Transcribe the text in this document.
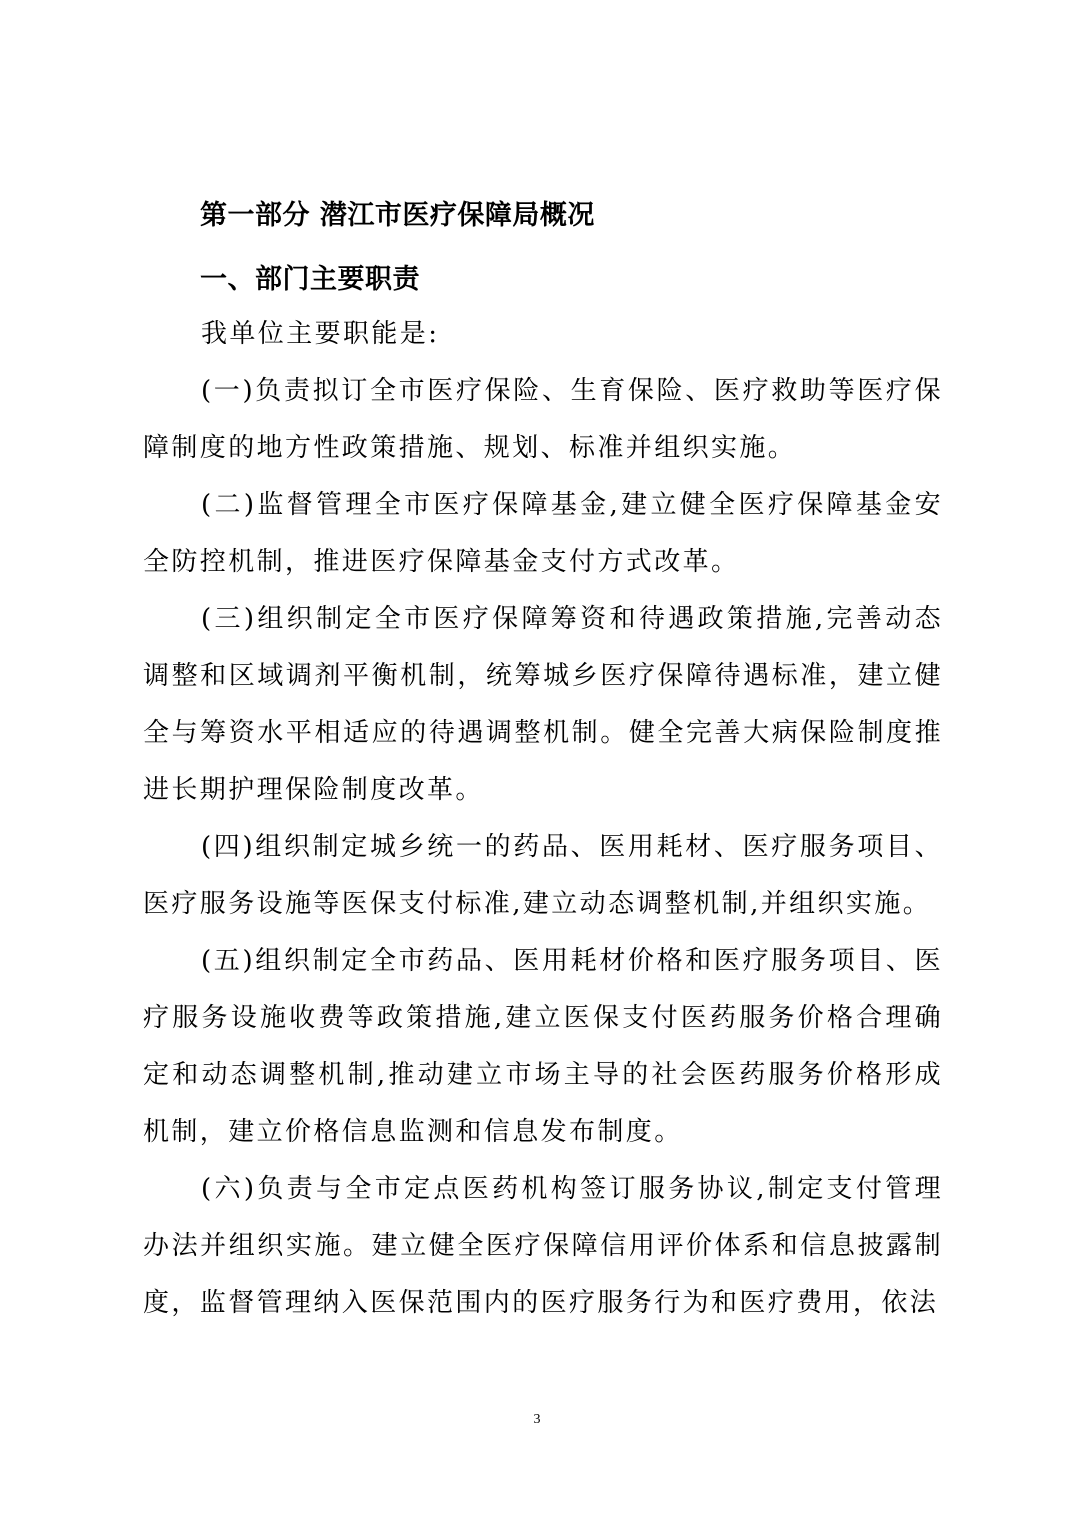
第一部分 潜江市医疗保障局概况
一、部门主要职责

我单位主要职能是:

(一)负责拟订全市医疗保险、生育保险、医疗救助等医疗保障制度的地方性政策措施、规划、标准并组织实施。

(二)监督管理全市医疗保障基金,建立健全医疗保障基金安全防控机制，推进医疗保障基金支付方式改革。

(三)组织制定全市医疗保障筹资和待遇政策措施,完善动态调整和区域调剂平衡机制，统筹城乡医疗保障待遇标准，建立健全与筹资水平相适应的待遇调整机制。健全完善大病保险制度推进长期护理保险制度改革。

(四)组织制定城乡统一的药品、医用耗材、医疗服务项目、医疗服务设施等医保支付标准,建立动态调整机制,并组织实施。

(五)组织制定全市药品、医用耗材价格和医疗服务项目、医疗服务设施收费等政策措施,建立医保支付医药服务价格合理确定和动态调整机制,推动建立市场主导的社会医药服务价格形成机制，建立价格信息监测和信息发布制度。

(六)负责与全市定点医药机构签订服务协议,制定支付管理办法并组织实施。建立健全医疗保障信用评价体系和信息披露制度，监督管理纳入医保范围内的医疗服务行为和医疗费用，依法

3
